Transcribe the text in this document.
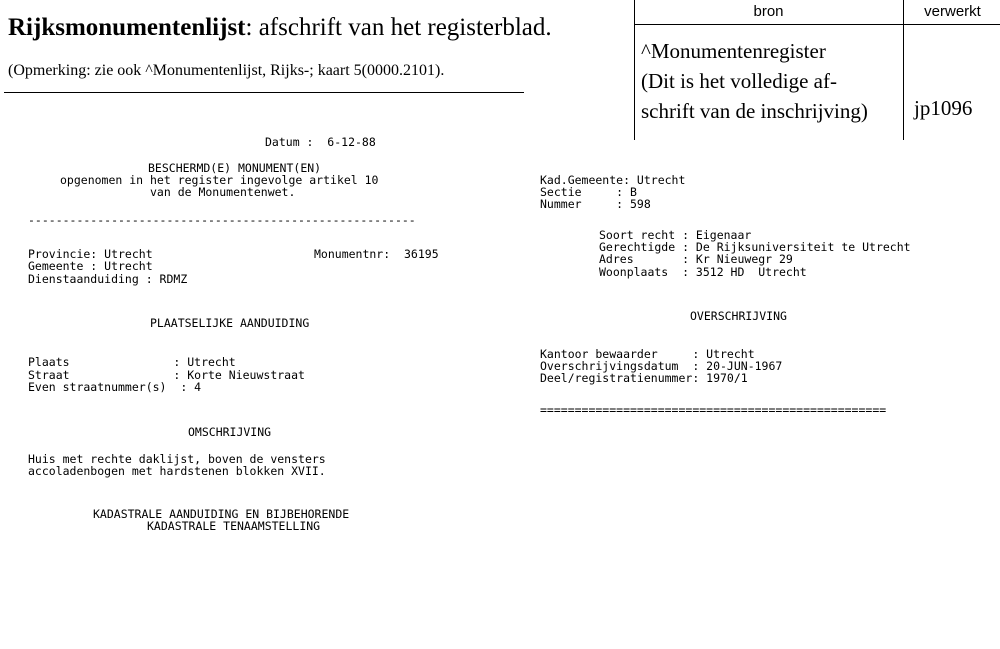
Rijksmonumentenlijst: afschrift van het registerblad.
(Opmerking: zie ook ^Monumentenlijst, Rijks-; kaart 5(0000.2101).
bron	verwerkt
^Monumentenregister
(Dit is het volledige af-
schrift van de inschrijving) jp1096
Datum :  6-12-88
BESCHERMD(E) MONUMENT(EN)
opgenomen in het register ingevolge artikel 10
van de Monumentenwet.
--------------------------------------------------------
Provincie: Utrecht	Monumentnr:  36195
Gemeente : Utrecht
Dienstaanduiding : RDMZ
PLAATSELIJKE AANDUIDING
Plaats               : Utrecht
Straat               : Korte Nieuwstraat
Even straatnummer(s)  : 4
OMSCHRIJVING
Huis met rechte daklijst, boven de vensters
accoladenbogen met hardstenen blokken XVII.
KADASTRALE AANDUIDING EN BIJBEHORENDE
KADASTRALE TENAAMSTELLING
Kad.Gemeente: Utrecht
Sectie     : B
Nummer     : 598
Soort recht : Eigenaar
Gerechtigde : De Rijksuniversiteit te Utrecht
Adres       : Kr Nieuwegr 29
Woonplaats  : 3512 HD  Utrecht
OVERSCHRIJVING
Kantoor bewaarder     : Utrecht
Overschrijvingsdatum  : 20-JUN-1967
Deel/registratienummer: 1970/1
==================================================
